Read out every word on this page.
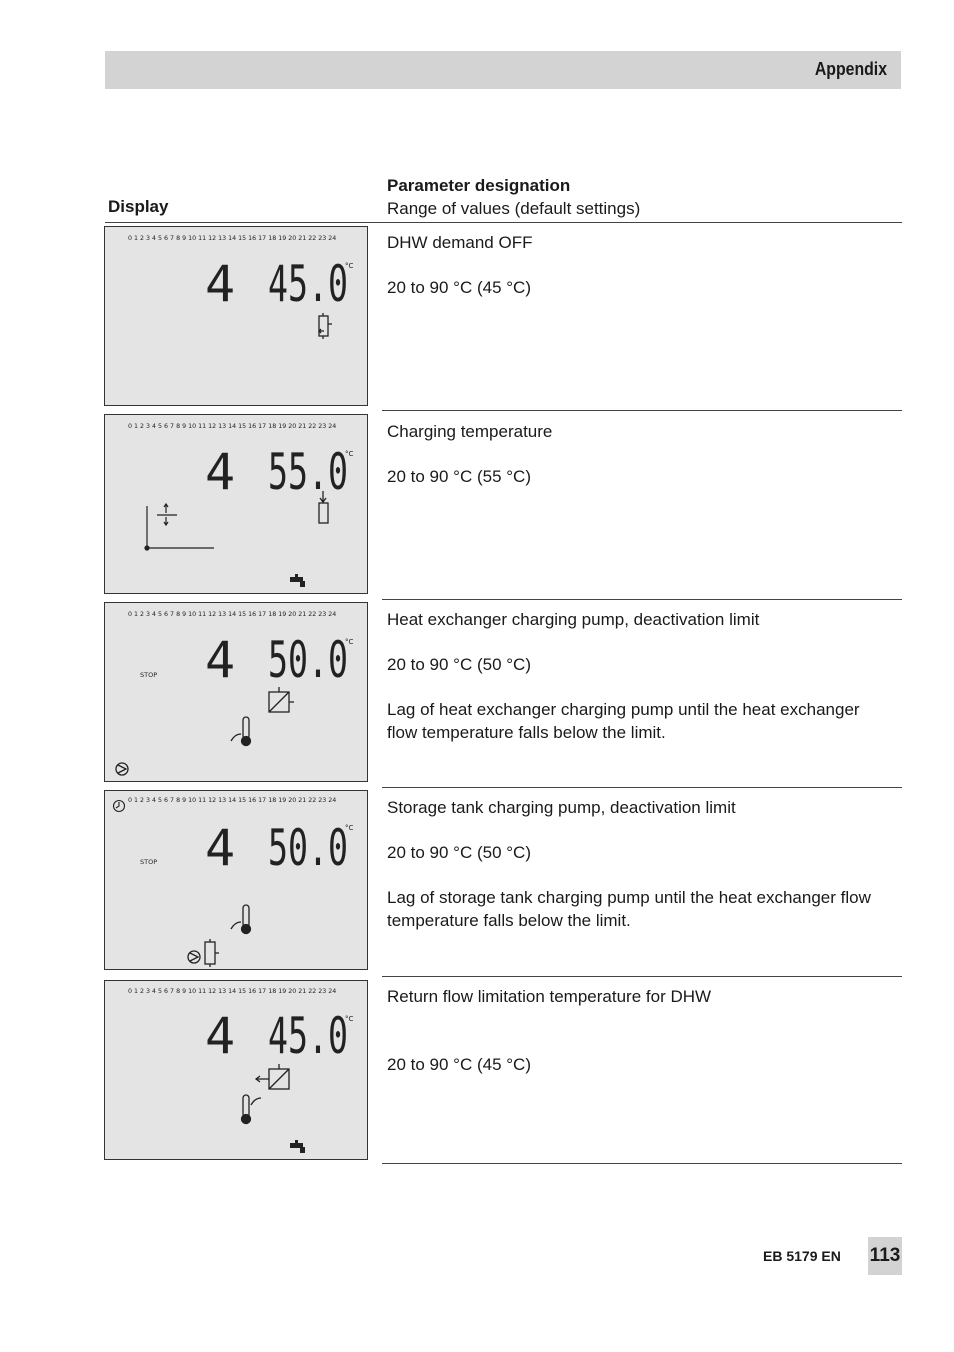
Appendix
Display
Parameter designation
Range of values (default settings)
0 1 2 3 4 5 6 7 8 9 10 11 12 13 14 15 16 17 18 19 20 21 22 23 24
4 45.0
°C

DHW demand OFF

20 to 90 °C (45 °C)

0 1 2 3 4 5 6 7 8 9 10 11 12 13 14 15 16 17 18 19 20 21 22 23 24
4 55.0
°C

Charging temperature

20 to 90 °C (55 °C)

0 1 2 3 4 5 6 7 8 9 10 11 12 13 14 15 16 17 18 19 20 21 22 23 24
4 50.0
°C
STOP

Heat exchanger charging pump, deactivation limit

20 to 90 °C (50 °C)

Lag of heat exchanger charging pump until the heat exchanger flow temperature falls below the limit.

0 1 2 3 4 5 6 7 8 9 10 11 12 13 14 15 16 17 18 19 20 21 22 23 24
4 50.0
°C
STOP

Storage tank charging pump, deactivation limit

20 to 90 °C (50 °C)

Lag of storage tank charging pump until the heat exchanger flow temperature falls below the limit.

0 1 2 3 4 5 6 7 8 9 10 11 12 13 14 15 16 17 18 19 20 21 22 23 24
4 45.0
°C

Return flow limitation temperature for DHW

20 to 90 °C (45 °C)

EB 5179 EN 113
